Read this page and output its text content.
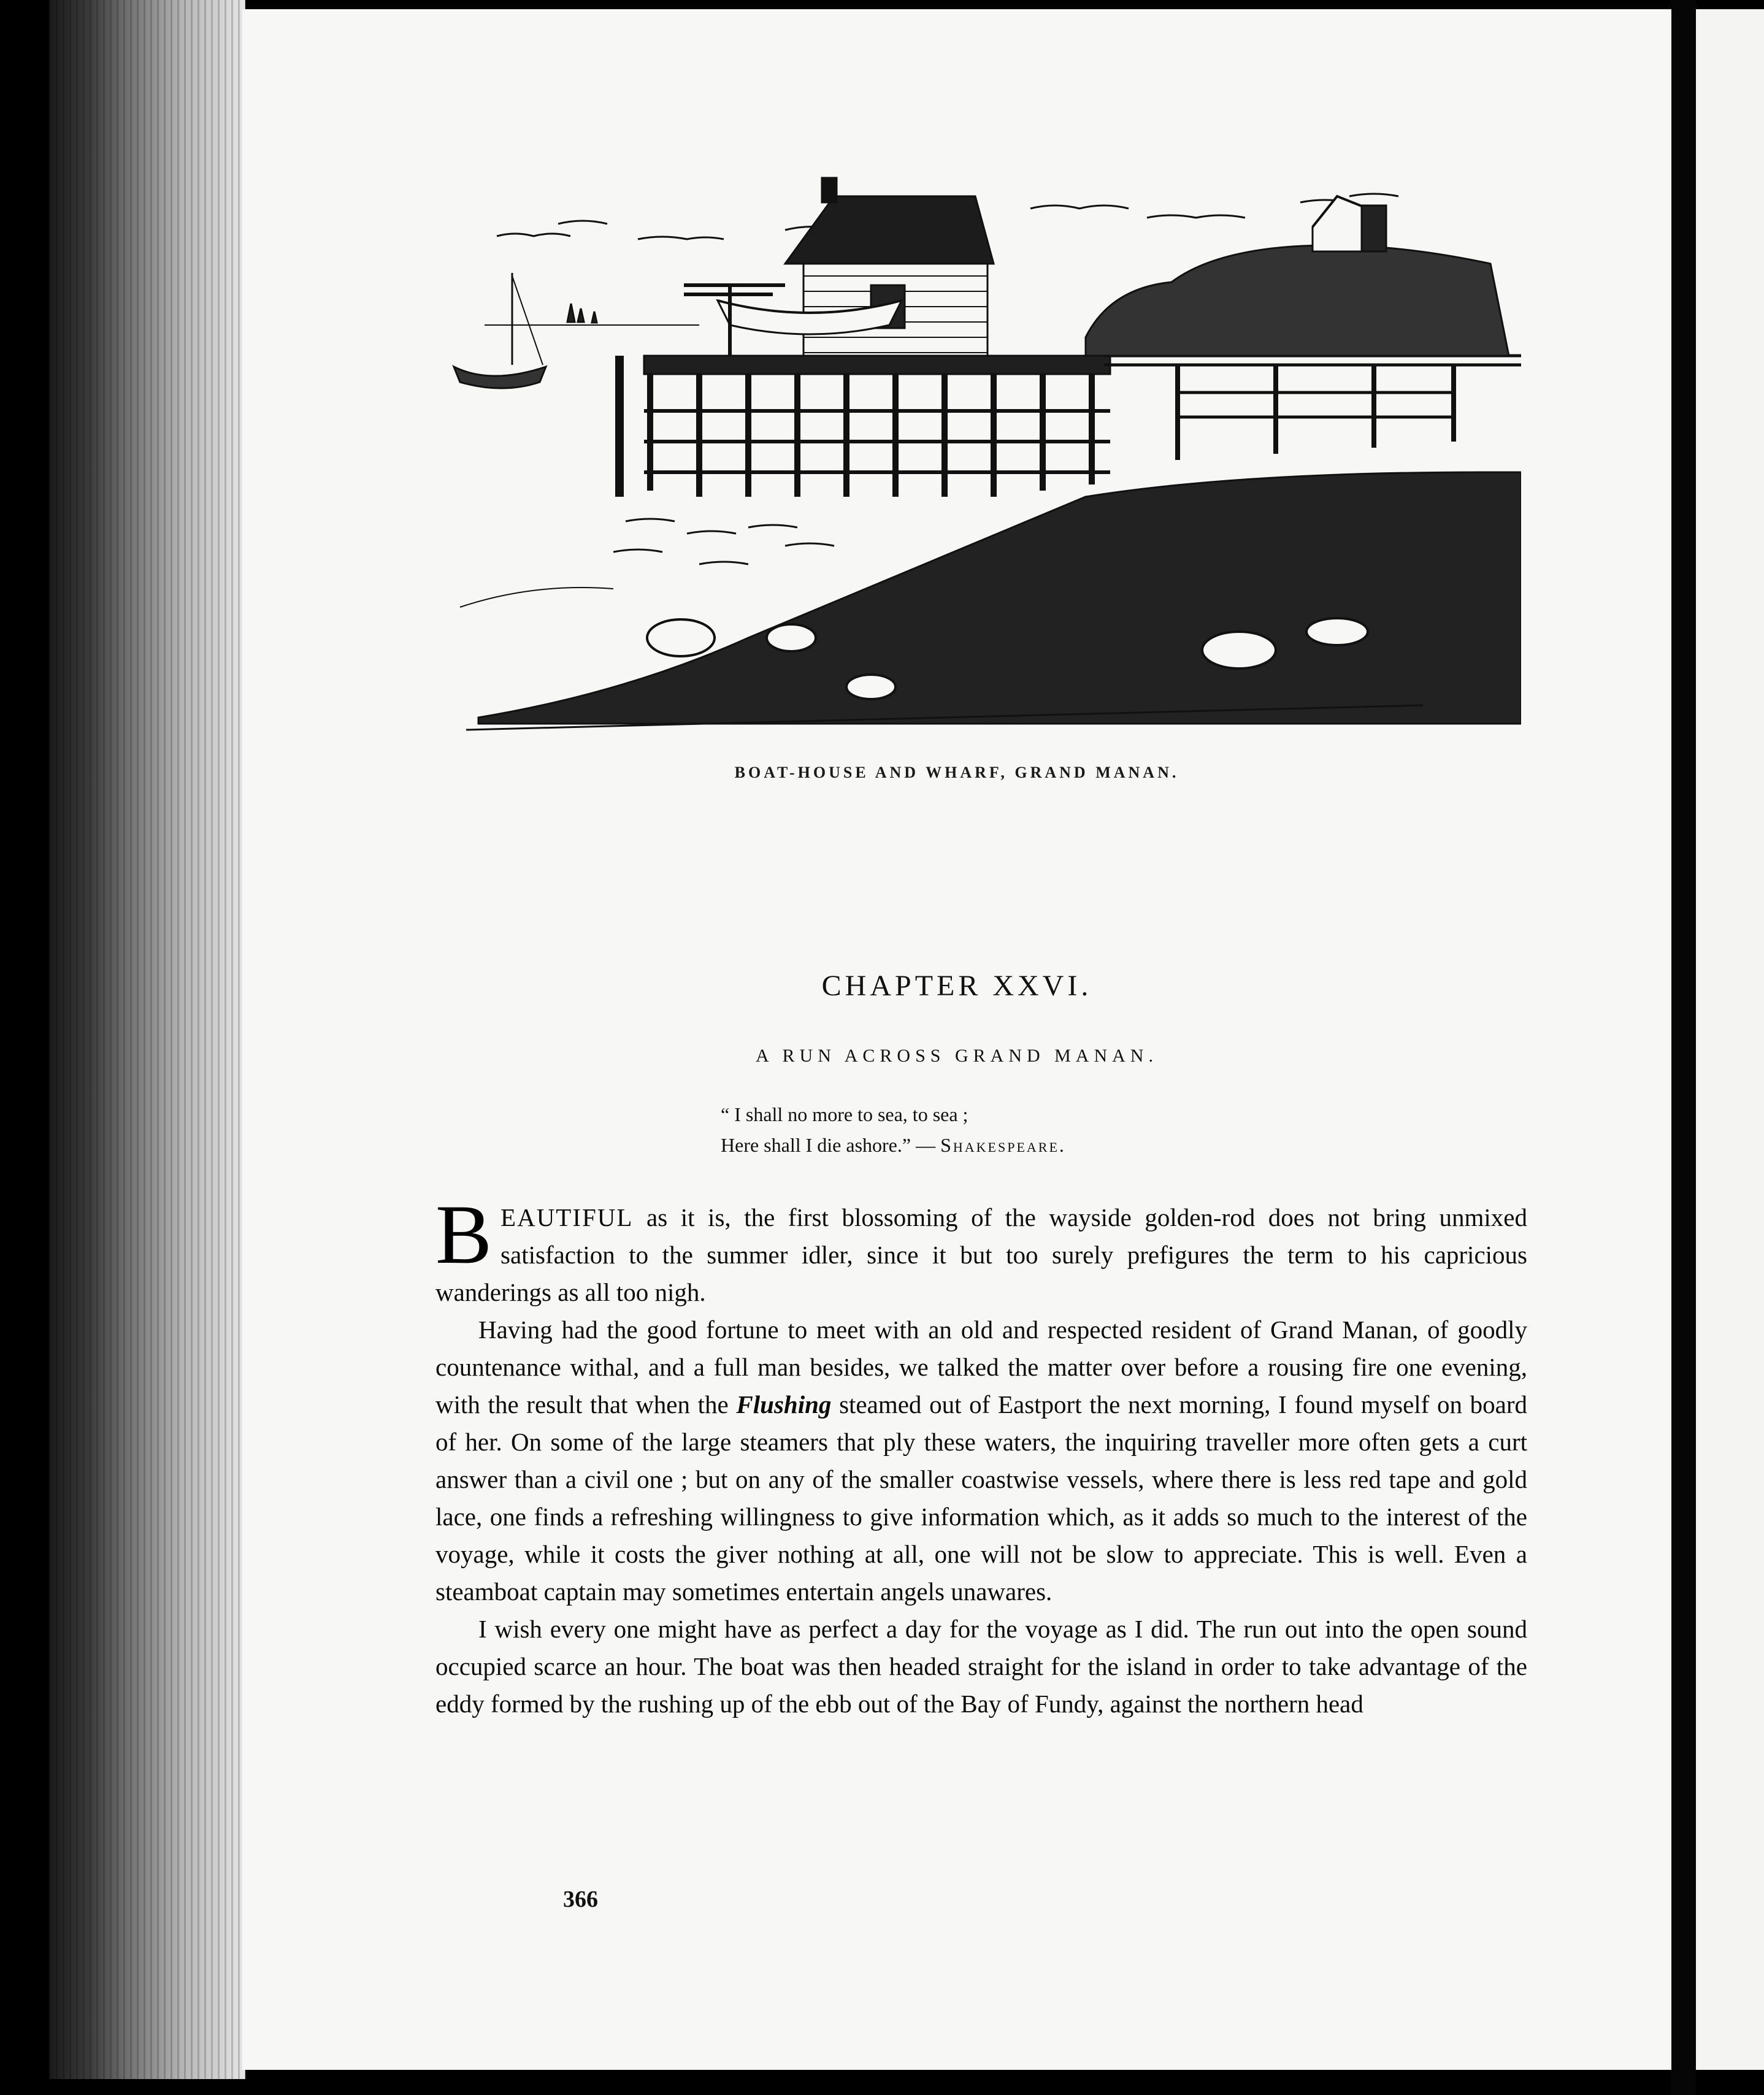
BOAT-HOUSE AND WHARF, GRAND MANAN.
CHAPTER XXVI.
A RUN ACROSS GRAND MANAN.
“ I shall no more to sea, to sea ;
Here shall I die ashore.” — Shakespeare.

BEAUTIFUL as it is, the first blossoming of the wayside golden-rod does not bring unmixed satisfaction to the summer idler, since it but too surely prefigures the term to his capricious wanderings as all too nigh.

Having had the good fortune to meet with an old and respected resident of Grand Manan, of goodly countenance withal, and a full man besides, we talked the matter over before a rousing fire one evening, with the result that when the Flushing steamed out of Eastport the next morning, I found myself on board of her. On some of the large steamers that ply these waters, the inquiring traveller more often gets a curt answer than a civil one ; but on any of the smaller coastwise vessels, where there is less red tape and gold lace, one finds a refreshing willingness to give information which, as it adds so much to the interest of the voyage, while it costs the giver nothing at all, one will not be slow to appreciate. This is well. Even a steamboat captain may sometimes entertain angels unawares.

I wish every one might have as perfect a day for the voyage as I did. The run out into the open sound occupied scarce an hour. The boat was then headed straight for the island in order to take advantage of the eddy formed by the rushing up of the ebb out of the Bay of Fundy, against the northern head

366
